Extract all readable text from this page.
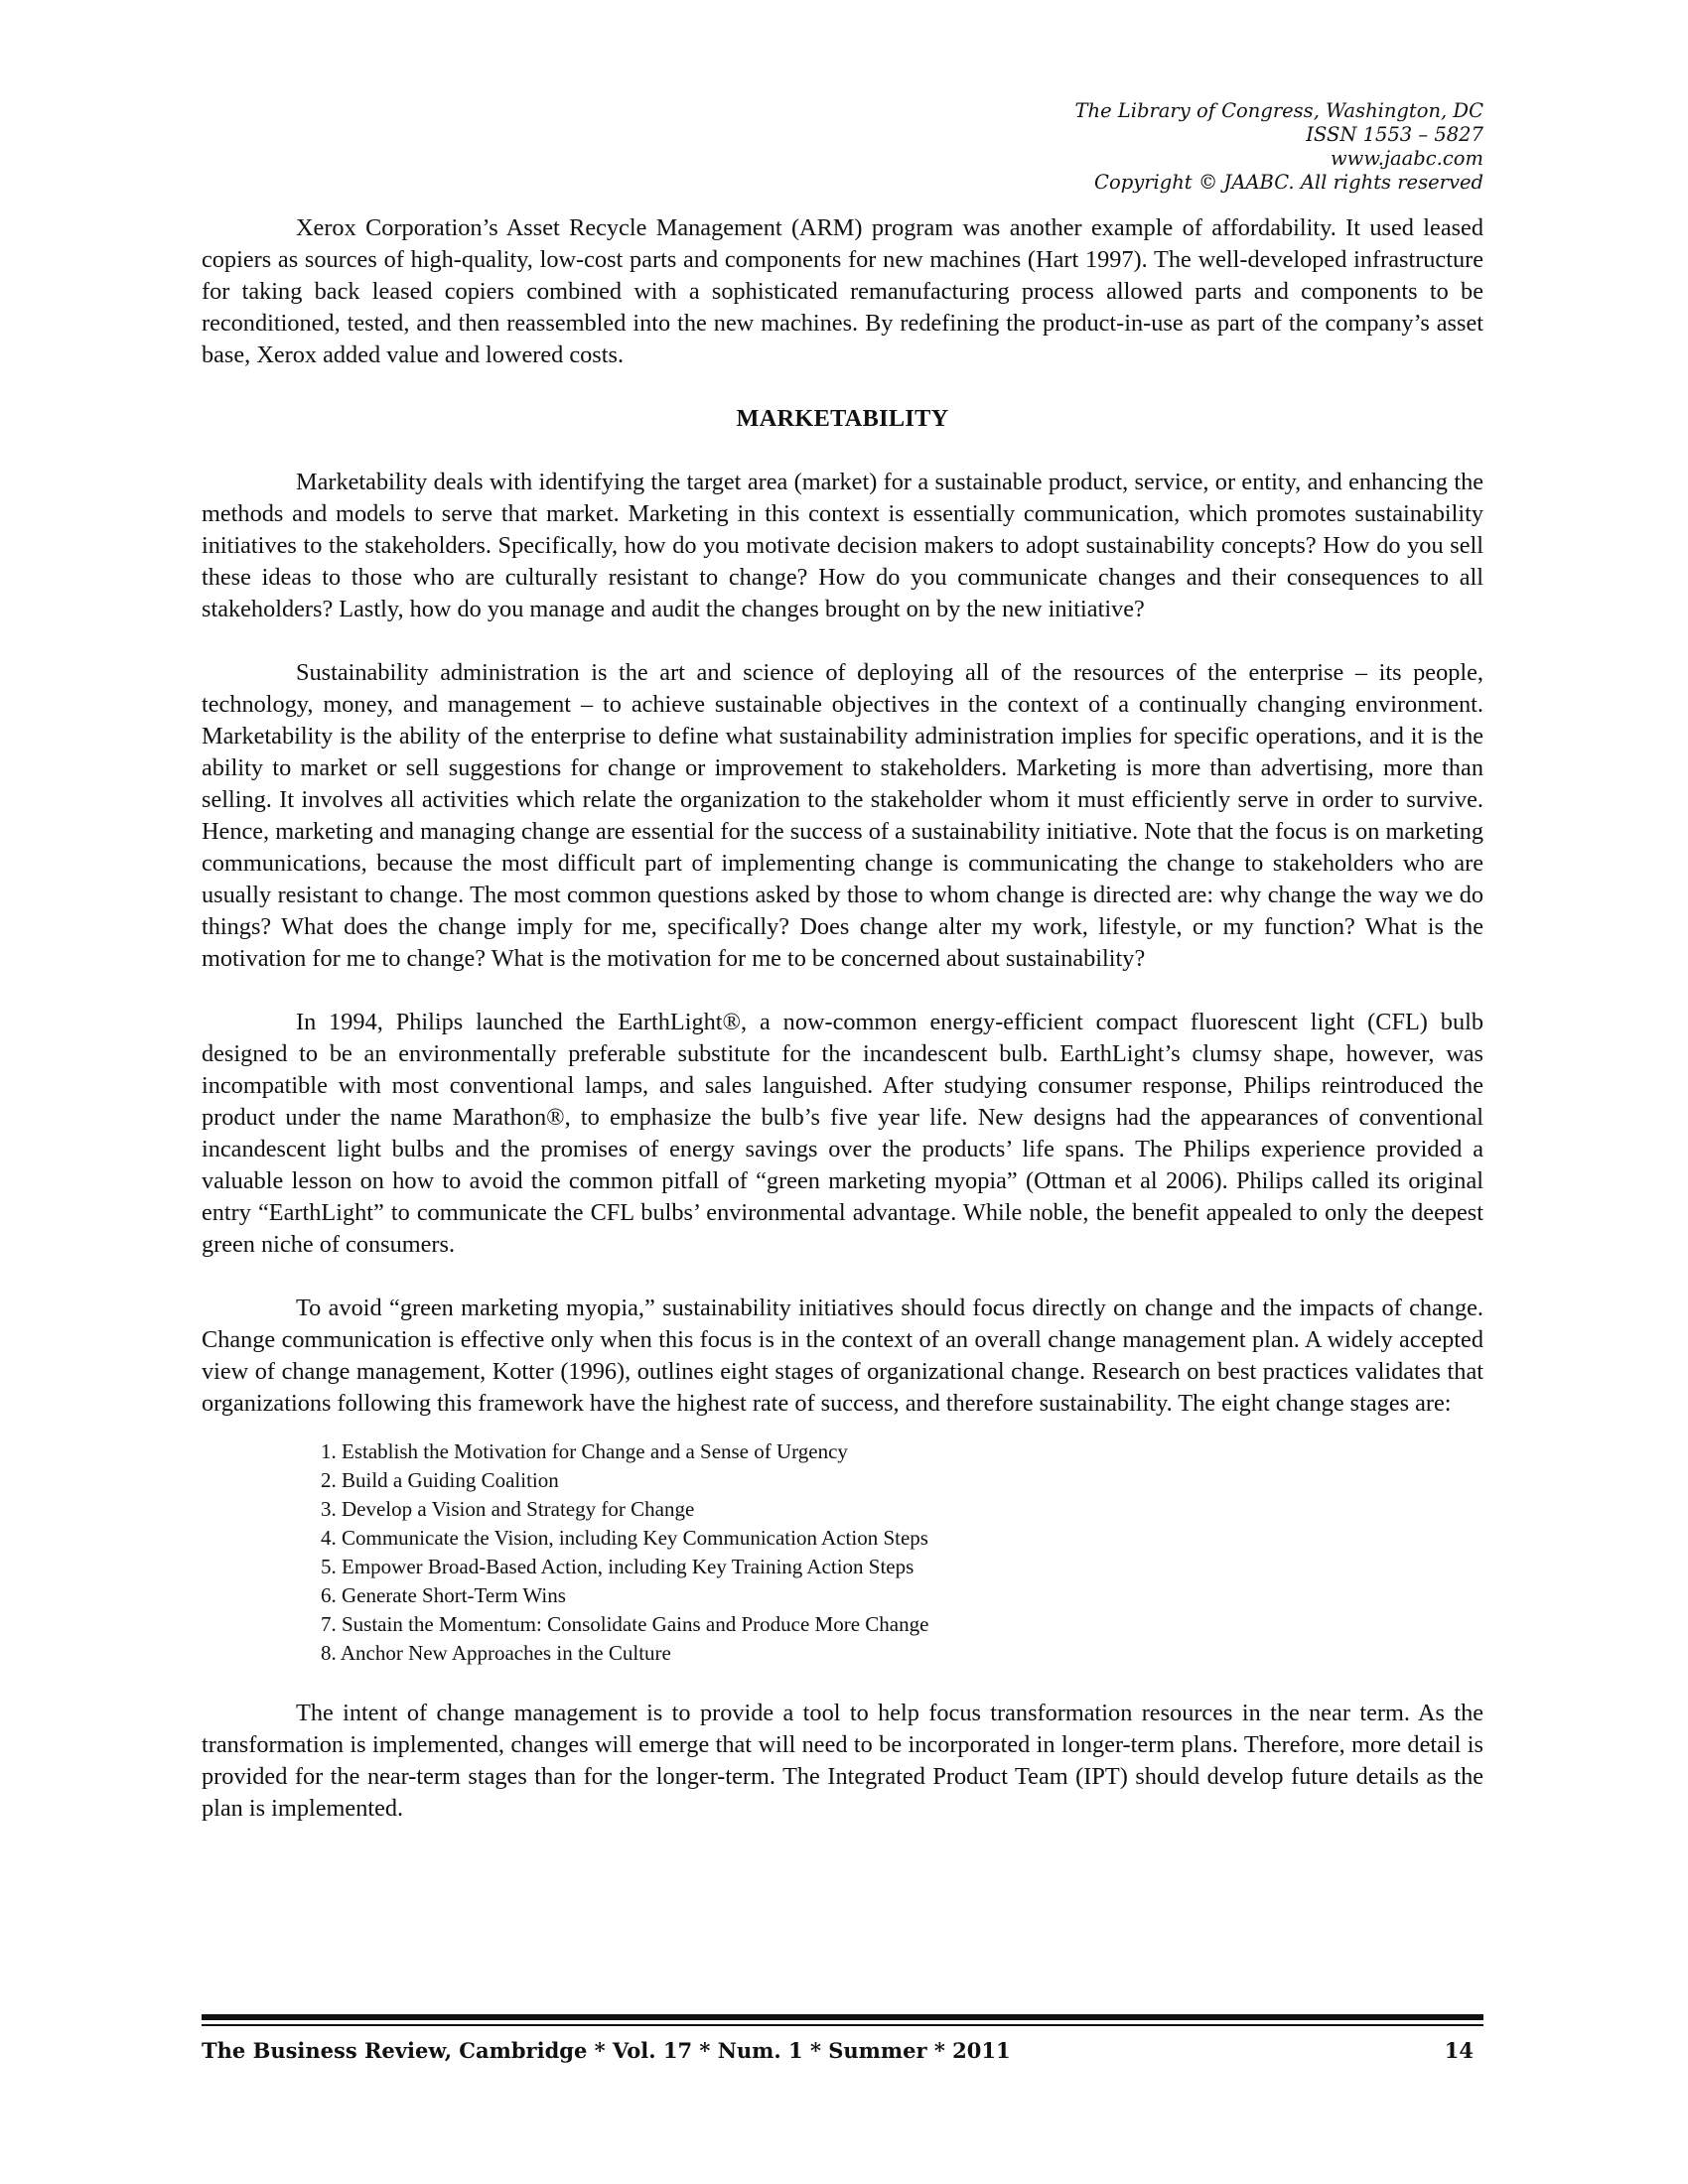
The Library of Congress, Washington, DC
ISSN 1553 – 5827
www.jaabc.com
Copyright © JAABC. All rights reserved

Xerox Corporation’s Asset Recycle Management (ARM) program was another example of affordability. It used leased copiers as sources of high-quality, low-cost parts and components for new machines (Hart 1997). The well-developed infrastructure for taking back leased copiers combined with a sophisticated remanufacturing process allowed parts and components to be reconditioned, tested, and then reassembled into the new machines. By redefining the product-in-use as part of the company’s asset base, Xerox added value and lowered costs.

MARKETABILITY

Marketability deals with identifying the target area (market) for a sustainable product, service, or entity, and enhancing the methods and models to serve that market. Marketing in this context is essentially communication, which promotes sustainability initiatives to the stakeholders. Specifically, how do you motivate decision makers to adopt sustainability concepts? How do you sell these ideas to those who are culturally resistant to change? How do you communicate changes and their consequences to all stakeholders? Lastly, how do you manage and audit the changes brought on by the new initiative?

Sustainability administration is the art and science of deploying all of the resources of the enterprise – its people, technology, money, and management – to achieve sustainable objectives in the context of a continually changing environment. Marketability is the ability of the enterprise to define what sustainability administration implies for specific operations, and it is the ability to market or sell suggestions for change or improvement to stakeholders. Marketing is more than advertising, more than selling. It involves all activities which relate the organization to the stakeholder whom it must efficiently serve in order to survive. Hence, marketing and managing change are essential for the success of a sustainability initiative. Note that the focus is on marketing communications, because the most difficult part of implementing change is communicating the change to stakeholders who are usually resistant to change. The most common questions asked by those to whom change is directed are: why change the way we do things? What does the change imply for me, specifically? Does change alter my work, lifestyle, or my function? What is the motivation for me to change? What is the motivation for me to be concerned about sustainability?

In 1994, Philips launched the EarthLight®, a now-common energy-efficient compact fluorescent light (CFL) bulb designed to be an environmentally preferable substitute for the incandescent bulb. EarthLight’s clumsy shape, however, was incompatible with most conventional lamps, and sales languished. After studying consumer response, Philips reintroduced the product under the name Marathon®, to emphasize the bulb’s five year life. New designs had the appearances of conventional incandescent light bulbs and the promises of energy savings over the products’ life spans. The Philips experience provided a valuable lesson on how to avoid the common pitfall of “green marketing myopia” (Ottman et al 2006). Philips called its original entry “EarthLight” to communicate the CFL bulbs’ environmental advantage. While noble, the benefit appealed to only the deepest green niche of consumers.

To avoid “green marketing myopia,” sustainability initiatives should focus directly on change and the impacts of change. Change communication is effective only when this focus is in the context of an overall change management plan. A widely accepted view of change management, Kotter (1996), outlines eight stages of organizational change. Research on best practices validates that organizations following this framework have the highest rate of success, and therefore sustainability. The eight change stages are:

1. Establish the Motivation for Change and a Sense of Urgency
2. Build a Guiding Coalition
3. Develop a Vision and Strategy for Change
4. Communicate the Vision, including Key Communication Action Steps
5. Empower Broad-Based Action, including Key Training Action Steps
6. Generate Short-Term Wins
7. Sustain the Momentum: Consolidate Gains and Produce More Change
8. Anchor New Approaches in the Culture

The intent of change management is to provide a tool to help focus transformation resources in the near term. As the transformation is implemented, changes will emerge that will need to be incorporated in longer-term plans. Therefore, more detail is provided for the near-term stages than for the longer-term. The Integrated Product Team (IPT) should develop future details as the plan is implemented.

The Business Review, Cambridge * Vol. 17 * Num. 1 * Summer * 2011	14
